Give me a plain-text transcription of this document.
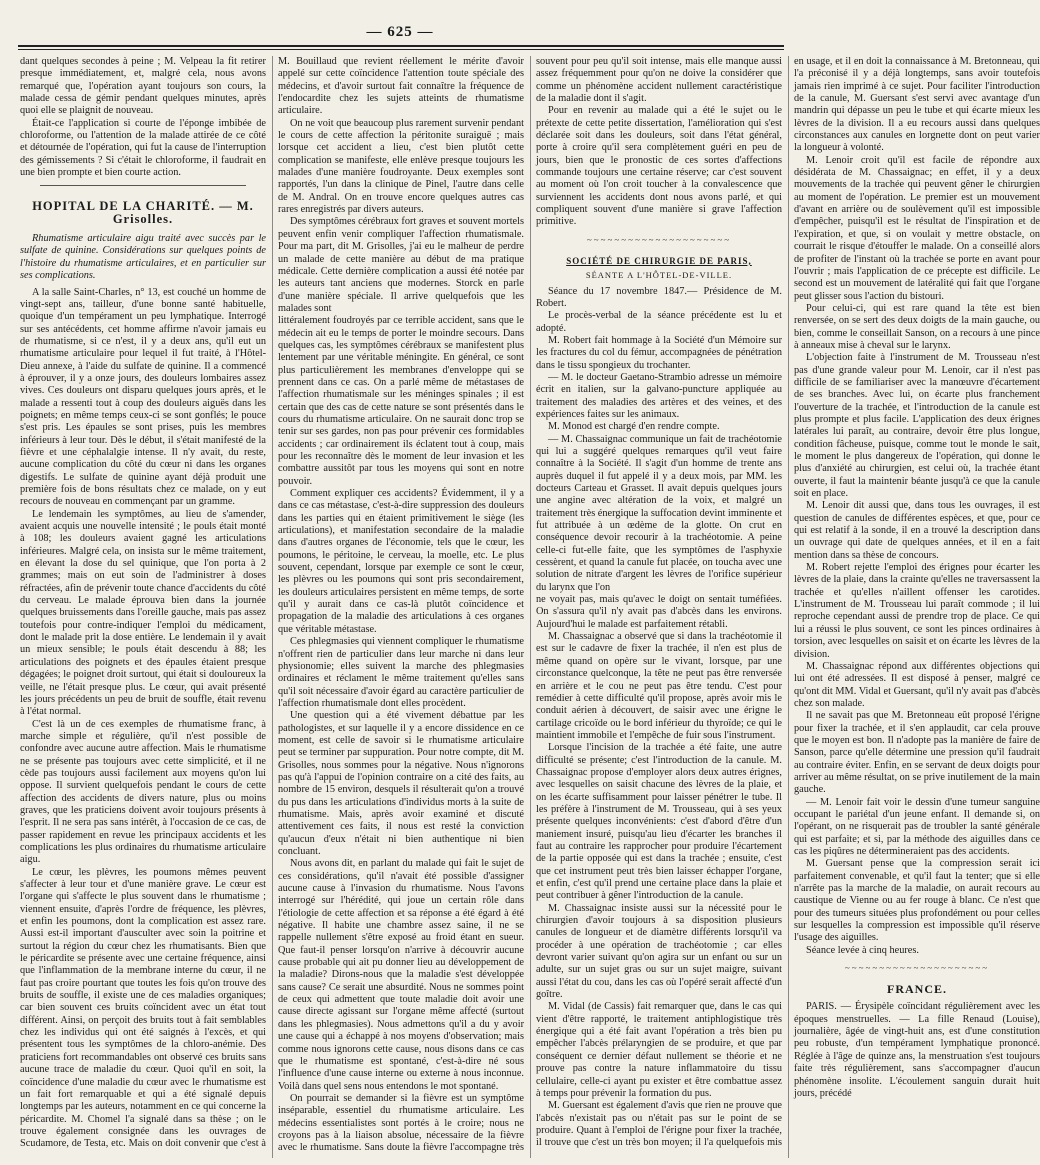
— 625 —

dant quelques secondes à peine ; M. Velpeau la fit retirer presque immédiatement, et, malgré cela, nous avons remarqué que, l'opération ayant toujours son cours, la malade cessa de gémir pendant quelques minutes, après quoi elle se plaignit de nouveau.

Était-ce l'application si courte de l'éponge imbibée de chloroforme, ou l'attention de la malade attirée de ce côté et détournée de l'opération, qui fut la cause de l'interruption des gémissements ? Si c'était le chloroforme, il faudrait en une bien prompte et bien courte action.

HOPITAL DE LA CHARITÉ. — M. Grisolles.

Rhumatisme articulaire aigu traité avec succès par le sulfate de quinine. Considérations sur quelques points de l'histoire du rhumatisme articulaires, et en particulier sur ses complications.

A la salle Saint-Charles, n° 13, est couché un homme de vingt-sept ans, tailleur, d'une bonne santé habituelle, quoique d'un tempérament un peu lymphatique. Interrogé sur ses antécédents, cet homme affirme n'avoir jamais eu de rhumatisme, si ce n'est, il y a deux ans, qu'il eut un rhumatisme articulaire pour lequel il fut traité, à l'Hôtel-Dieu annexe, à l'aide du sulfate de quinine. Il a commencé à éprouver, il y a onze jours, des douleurs lombaires assez vives. Ces douleurs ont disparu quelques jours après, et le malade a ressenti tout à coup des douleurs aiguës dans les poignets; en même temps ceux-ci se sont gonflés; le pouce s'est pris. Les épaules se sont prises, puis les membres inférieurs à leur tour. Dès le début, il s'était manifesté de la fièvre et une céphalalgie intense. Il n'y avait, du reste, aucune complication du côté du cœur ni dans les organes digestifs. Le sulfate de quinine ayant déjà produit une première fois de bons résultats chez ce malade, on y eut recours de nouveau en commençant par un gramme.

Le lendemain les symptômes, au lieu de s'amender, avaient acquis une nouvelle intensité ; le pouls était monté à 108; les douleurs avaient gagné les articulations inférieures. Malgré cela, on insista sur le même traitement, en élevant la dose du sel quinique, que l'on porta à 2 grammes; mais on eut soin de l'administrer à doses réfractées, afin de prévenir toute chance d'accidents du côté du cerveau. Le malade éprouva bien dans la journée quelques bruissements dans l'oreille gauche, mais pas assez toutefois pour contre-indiquer l'emploi du médicament, dont le malade prit la dose entière. Le lendemain il y avait un mieux sensible; le pouls était descendu à 88; les articulations des poignets et des épaules étaient presque dégagées; le poignet droit surtout, qui était si douloureux la veille, ne l'était presque plus. Le cœur, qui avait présenté les jours précédents un peu de bruit de souffle, était revenu à l'état normal.

C'est là un de ces exemples de rhumatisme franc, à marche simple et régulière, qu'il n'est possible de confondre avec aucune autre affection. Mais le rhumatisme ne se présente pas toujours avec cette simplicité, et il ne cède pas toujours aussi facilement aux moyens qu'on lui oppose. Il survient quelquefois pendant le cours de cette affection des accidents de divers nature, plus ou moins graves, que les praticiens doivent avoir toujours présents à l'esprit. Il ne sera pas sans intérêt, à l'occasion de ce cas, de passer rapidement en revue les principaux accidents et les complications les plus ordinaires du rhumatisme articulaire aigu.

Le cœur, les plèvres, les poumons mêmes peuvent s'affecter à leur tour et d'une manière grave. Le cœur est l'organe qui s'affecte le plus souvent dans le rhumatisme ; viennent ensuite, d'après l'ordre de fréquence, les plèvres, et enfin les poumons, dont la complication est assez rare. Aussi est-il important d'ausculter avec soin la poitrine et surtout la région du cœur chez les rhumatisants. Bien que le péricardite se présente avec une certaine fréquence, ainsi que l'inflammation de la membrane interne du cœur, il ne faut pas croire pourtant que toutes les fois qu'on trouve des bruits de souffle, il existe une de ces maladies organiques; car bien souvent ces bruits coïncident avec un état tout différent. Ainsi, on perçoit des bruits tout à fait semblables chez les individus qui ont été saignés à l'excès, et qui présentent tous les symptômes de la chloro-anémie. Des praticiens fort recommandables ont observé ces bruits sans aucune trace de maladie du cœur. Quoi qu'il en soit, la coïncidence d'une maladie du cœur avec le rhumatisme est un fait fort remarquable et qui a été signalé depuis longtemps par les auteurs, notamment en ce qui concerne la péricardite. M. Chomel l'a signalé dans sa thèse ; on le trouve également consignée dans les ouvrages de Scudamore, de Testa, etc. Mais on doit convenir que c'est à M. Bouillaud que revient réellement le mérite d'avoir appelé sur cette coïncidence l'attention toute spéciale des médecins, et d'avoir surtout fait connaître la fréquence de l'endocardite chez les sujets atteints de rhumatisme articulaire.

On ne voit que beaucoup plus rarement survenir pendant le cours de cette affection la péritonite suraiguë ; mais lorsque cet accident a lieu, c'est bien plutôt cette complication se manifeste, elle enlève presque toujours les malades d'une manière foudroyante. Deux exemples sont rapportés, l'un dans la clinique de Pinel, l'autre dans celle de M. Andral. On en trouve encore quelques autres cas rares enregistrés par divers auteurs.

Des symptômes cérébraux fort graves et souvent mortels peuvent enfin venir compliquer l'affection rhumatismale. Pour ma part, dit M. Grisolles, j'ai eu le malheur de perdre un malade de cette manière au début de ma pratique médicale. Cette dernière complication a aussi été notée par les auteurs tant anciens que modernes. Storck en parle d'une manière spéciale. Il arrive quelquefois que les malades sont

littéralement foudroyés par ce terrible accident, sans que le médecin ait eu le temps de porter le moindre secours. Dans quelques cas, les symptômes cérébraux se manifestent plus lentement par une véritable méningite. En général, ce sont plus particulièrement les membranes d'enveloppe qui se prennent dans ce cas. On a parlé même de métastases de l'affection rhumatismale sur les méninges spinales ; il est certain que des cas de cette nature se sont présentés dans le cours du rhumatisme articulaire. On ne saurait donc trop se tenir sur ses gardes, non pas pour prévenir ces formidables accidents ; car ordinairement ils éclatent tout à coup, mais pour les reconnaître dès le moment de leur invasion et les combattre aussitôt par tous les moyens qui sont en notre pouvoir.

Comment expliquer ces accidents? Évidemment, il y a dans ce cas métastase, c'est-à-dire suppression des douleurs dans les parties qui en étaient primitivement le siège (les articulations), et manifestation secondaire de la maladie dans d'autres organes de l'économie, tels que le cœur, les poumons, le péritoine, le cerveau, la moelle, etc. Le plus souvent, cependant, lorsque par exemple ce sont le cœur, les plèvres ou les poumons qui sont pris secondairement, les douleurs articulaires persistent en même temps, de sorte qu'il y aurait dans ce cas-là plutôt coïncidence et propagation de la maladie des articulations à ces organes que véritable métastase.

Ces phlegmasies qui viennent compliquer le rhumatisme n'offrent rien de particulier dans leur marche ni dans leur physionomie; elles suivent la marche des phlegmasies ordinaires et réclament le même traitement qu'elles sans qu'il soit nécessaire d'avoir égard au caractère particulier de l'affection rhumatismale dont elles procèdent.

Une question qui a été vivement débattue par les pathologistes, et sur laquelle il y a encore dissidence en ce moment, est celle de savoir si le rhumatisme articulaire peut se terminer par suppuration. Pour notre compte, dit M. Grisolles, nous sommes pour la négative. Nous n'ignorons pas qu'à l'appui de l'opinion contraire on a cité des faits, au nombre de 15 environ, desquels il résulterait qu'on a trouvé du pus dans les articulations d'individus morts à la suite de rhumatisme. Mais, après avoir examiné et discuté attentivement ces faits, il nous est resté la conviction qu'aucun d'eux n'était ni bien authentique ni bien concluant.

Nous avons dit, en parlant du malade qui fait le sujet de ces considérations, qu'il n'avait été possible d'assigner aucune cause à l'invasion du rhumatisme. Nous l'avons interrogé sur l'hérédité, qui joue un certain rôle dans l'étiologie de cette affection et sa réponse a été égard à été négative. Il habite une chambre assez saine, il ne se rappelle nullement s'être exposé au froid étant en sueur. Que faut-il penser lorsqu'on n'arrive à découvrir aucune cause probable qui ait pu donner lieu au développement de la maladie? Dirons-nous que la maladie s'est développée sans cause? Ce serait une absurdité. Nous ne sommes point de ceux qui admettent que toute maladie doit avoir une cause directe agissant sur l'organe même affecté (surtout dans les phlegmasies). Nous admettons qu'il a du y avoir une cause qui a échappé à nos moyens d'observation; mais comme nous ignorons cette cause, nous disons dans ce cas que le rhumatisme est spontané, c'est-à-dire né sous l'influence d'une cause interne ou externe à nous inconnue. Voilà dans quel sens nous entendons le mot spontané.

On pourrait se demander si la fièvre est un symptôme inséparable, essentiel du rhumatisme articulaire. Les médecins essentialistes sont portés à le croire; nous ne croyons pas à la liaison absolue, nécessaire de la fièvre avec le rhumatisme. Sans doute la fièvre l'accompagne très souvent pour peu qu'il soit intense, mais elle manque aussi assez fréquemment pour qu'on ne doive la considérer que comme un phénomène accident nullement caractéristique de la maladie dont il s'agit.

Pour en revenir au malade qui a été le sujet ou le prétexte de cette petite dissertation, l'amélioration qui s'est déclarée soit dans les douleurs, soit dans l'état général, porte à croire qu'il sera complètement guéri en peu de jours, bien que le pronostic de ces sortes d'affections commande toujours une certaine réserve; car c'est souvent au moment où l'on croit toucher à la convalescence que surviennent les accidents dont nous avons parlé, et qui compliquent souvent d'une manière si grave l'affection primitive.

~~~~~~~~~~~~~~~~~~~~~

SOCIÉTÉ DE CHIRURGIE DE PARIS,

SÉANTE A L'HÔTEL-DE-VILLE.

Séance du 17 novembre 1847.— Présidence de M. Robert.

Le procès-verbal de la séance précédente est lu et adopté.

M. Robert fait hommage à la Société d'un Mémoire sur les fractures du col du fémur, accompagnées de pénétration dans le tissu spongieux du trochanter.

— M. le docteur Gaetano-Strambio adresse un mémoire écrit en italien, sur la galvano-puncture appliquée au traitement des maladies des artères et des veines, et des expériences faites sur les animaux.

M. Monod est chargé d'en rendre compte.

— M. Chassaignac communique un fait de trachéotomie qui lui a suggéré quelques remarques qu'il veut faire connaître à la Société. Il s'agit d'un homme de trente ans auprès duquel il fut appelé il y a deux mois, par MM. les docteurs Carteau et Grasset. Il avait depuis quelques jours une angine avec altération de la voix, et malgré un traitement très énergique la suffocation devint imminente et fut attribuée à un œdème de la glotte. On crut en conséquence devoir recourir à la trachéotomie. A peine celle-ci fut-elle faite, que les symptômes de l'asphyxie cessèrent, et quand la canule fut placée, on toucha avec une solution de nitrate d'argent les lèvres de l'orifice supérieur du larynx que l'on

ne voyait pas, mais qu'avec le doigt on sentait tuméfiées. On s'assura qu'il n'y avait pas d'abcès dans les environs. Aujourd'hui le malade est parfaitement rétabli.

M. Chassaignac a observé que si dans la trachéotomie il est sur le cadavre de fixer la trachée, il n'en est plus de même quand on opère sur le vivant, lorsque, par une circonstance quelconque, la tête ne peut pas être renversée en arrière et le cou ne peut pas être tendu. C'est pour remédier à cette difficulté qu'il propose, après avoir mis le conduit aérien à découvert, de saisir avec une érigne le cartilage cricoïde ou le bord inférieur du thyroïde; ce qui le maintient immobile et l'empêche de fuir sous l'instrument.

Lorsque l'incision de la trachée a été faite, une autre difficulté se présente; c'est l'introduction de la canule. M. Chassaignac propose d'employer alors deux autres érignes, avec lesquelles on saisit chacune des lèvres de la plaie, et on les écarte suffisamment pour laisser pénétrer le tube. Il les préfère à l'instrument de M. Trousseau, qui à ses yeux présente quelques inconvénients: c'est d'abord d'être d'un maniement insuré, puisqu'au lieu d'écarter les branches il faut au contraire les rapprocher pour produire l'écartement de la partie opposée qui est dans la trachée ; ensuite, c'est que cet instrument peut très bien laisser échapper l'organe, et enfin, c'est qu'il prend une certaine place dans la plaie et peut contribuer à gêner l'introduction de la canule.

M. Chassaignac insiste aussi sur la nécessité pour le chirurgien d'avoir toujours à sa disposition plusieurs canules de longueur et de diamètre différents lorsqu'il va procéder à une opération de trachéotomie ; car elles devront varier suivant qu'on agira sur un enfant ou sur un adulte, sur un sujet gras ou sur un sujet maigre, suivant aussi l'état du cou, dans les cas où l'opéré serait affecté d'un goître.

M. Vidal (de Cassis) fait remarquer que, dans le cas qui vient d'être rapporté, le traitement antiphlogistique très énergique qui a été fait avant l'opération a très bien pu empêcher l'abcès prélaryngien de se produire, et que par conséquent ce dernier défaut nullement se théorie et ne prouve pas contre la nature inflammatoire du tissu cellulaire, celle-ci ayant pu exister et être combattue assez à temps pour prévenir la formation du pus.

M. Guersant est également d'avis que rien ne prouve que l'abcès n'existait pas ou n'était pas sur le point de se produire. Quant à l'emploi de l'érigne pour fixer la trachée, il trouve que c'est un très bon moyen; il l'a quelquefois mis en usage, et il en doit la connaissance à M. Bretonneau, qui l'a préconisé il y a déjà longtemps, sans avoir toutefois jamais rien imprimé à ce sujet. Pour faciliter l'introduction de la canule, M. Guersant s'est servi avec avantage d'un mandrin qui dépasse un peu le tube et qui écarte mieux les lèvres de la division. Il a eu recours aussi dans quelques circonstances aux canules en lorgnette dont on peut varier la longueur à volonté.

M. Lenoir croit qu'il est facile de répondre aux désidérata de M. Chassaignac; en effet, il y a deux mouvements de la trachée qui peuvent gêner le chirurgien au moment de l'opération. Le premier est un mouvement d'avant en arrière ou de soulèvement qu'il est impossible d'empêcher, puisqu'il est le résultat de l'inspiration et de l'expiration, et que, si on voulait y mettre obstacle, on courrait le risque d'étouffer le malade. On a conseillé alors de profiter de l'instant où la trachée se porte en avant pour l'ouvrir ; mais l'application de ce précepte est difficile. Le second est un mouvement de latéralité qui fait que l'organe peut glisser sous l'action du bistouri.

Pour celui-ci, qui est rare quand la tête est bien renversée, on se sert des deux doigts de la main gauche, ou bien, comme le conseillait Sanson, on a recours à une pince à anneaux mise à cheval sur le larynx.

L'objection faite à l'instrument de M. Trousseau n'est pas d'une grande valeur pour M. Lenoir, car il n'est pas difficile de se familiariser avec la manœuvre d'écartement de ses branches. Avec lui, on écarte plus franchement l'ouverture de la trachée, et l'introduction de la canule est plus prompte et plus facile. L'application des deux érignes latérales lui paraît, au contraire, devoir être plus longue, condition fâcheuse, puisque, comme tout le monde le sait, le moment le plus dangereux de l'opération, qui donne le plus d'anxiété au chirurgien, est celui où, la trachée étant ouverte, il faut la maintenir béante jusqu'à ce que la canule soit en place.

M. Lenoir dit aussi que, dans tous les ouvrages, il est question de canules de différentes espèces, et que, pour ce qui est relatif à la sonde, il en a trouvé la description dans un ouvrage qui date de quelques années, et il en a fait mention dans sa thèse de concours.

M. Robert rejette l'emploi des érignes pour écarter les lèvres de la plaie, dans la crainte qu'elles ne traversassent la trachée et qu'elles n'aillent offenser les carotides. L'instrument de M. Trousseau lui paraît commode ; il lui reproche cependant aussi de prendre trop de place. Ce qui lui a réussi le plus souvent, ce sont les pinces ordinaires à torsion, avec lesquelles on saisit et on écarte les lèvres de la division.

M. Chassaignac répond aux différentes objections qui lui ont été adressées. Il est disposé à penser, malgré ce qu'ont dit MM. Vidal et Guersant, qu'il n'y avait pas d'abcès chez son malade.

Il ne savait pas que M. Bretonneau eût proposé l'érigne pour fixer la trachée, et il s'en applaudit, car cela prouve que le moyen est bon. Il n'adopte pas la manière de faire de Sanson, parce qu'elle détermine une pression qu'il faudrait au contraire éviter. Enfin, en se servant de deux doigts pour arriver au même résultat, on se prive inutilement de la main gauche.

— M. Lenoir fait voir le dessin d'une tumeur sanguine occupant le pariétal d'un jeune enfant. Il demande si, on l'opérant, on ne risquerait pas de troubler la santé générale qui est parfaite; et si, par la méthode des aiguilles dans ce cas les piqûres ne détermineraient pas des accidents.

M. Guersant pense que la compression serait ici parfaitement convenable, et qu'il faut la tenter; que si elle n'arrête pas la marche de la maladie, on aurait recours au caustique de Vienne ou au fer rouge à blanc. Ce n'est que pour des tumeurs situées plus profondément ou pour celles sur lesquelles la compression est impossible qu'il réserve l'usage des aiguilles.

Séance levée à cinq heures.

~~~~~~~~~~~~~~~~~~~~~

FRANCE.

PARIS. — Érysipèle coïncidant régulièrement avec les époques menstruelles. — La fille Renaud (Louise), journalière, âgée de vingt-huit ans, est d'une constitution peu robuste, d'un tempérament lymphatique prononcé. Réglée à l'âge de quinze ans, la menstruation s'est toujours faite très régulièrement, sans s'accompagner d'aucun phénomène insolite. L'écoulement sanguin durait huit jours, précédé
